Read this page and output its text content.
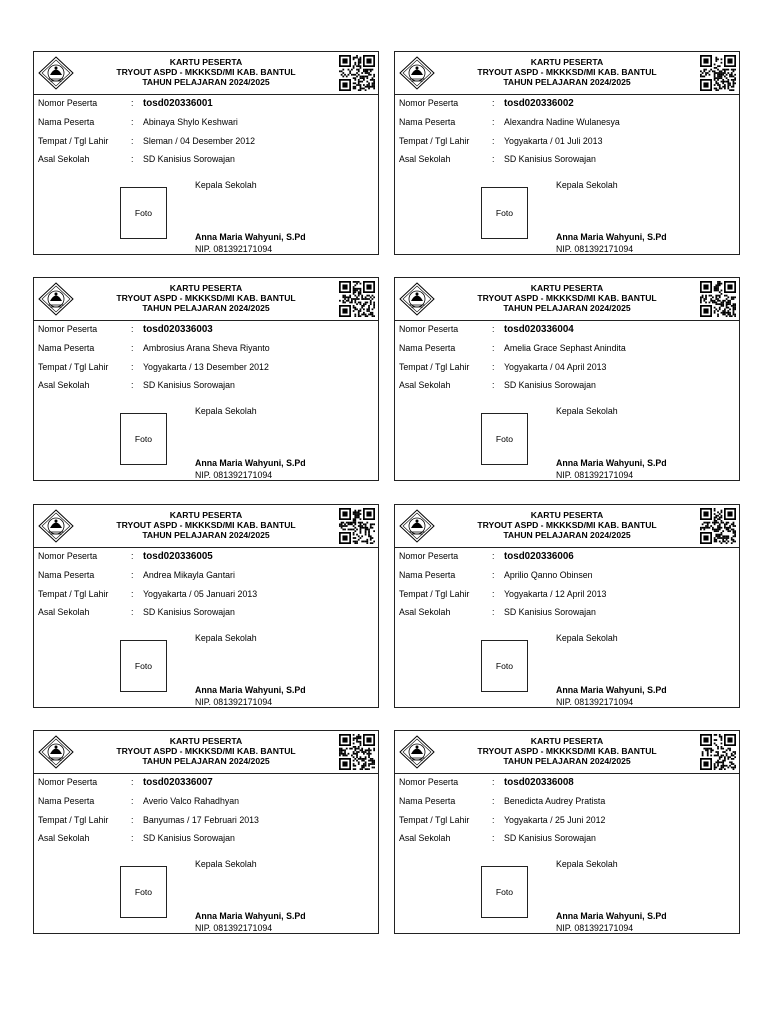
KARTU PESERTA
TRYOUT ASPD - MKKKSD/MI KAB. BANTUL
TAHUN PELAJARAN 2024/2025
Nomor Peserta	: tosd020336001
Nama Peserta	: Abinaya Shylo Keshwari
Tempat / Tgl Lahir	: Sleman / 04 Desember 2012
Asal Sekolah	: SD Kanisius Sorowajan
Foto
Kepala Sekolah
Anna Maria Wahyuni, S.Pd
NIP. 081392171094
KARTU PESERTA
TRYOUT ASPD - MKKKSD/MI KAB. BANTUL
TAHUN PELAJARAN 2024/2025
Nomor Peserta	: tosd020336002
Nama Peserta	: Alexandra Nadine Wulanesya
Tempat / Tgl Lahir	: Yogyakarta / 01 Juli 2013
Asal Sekolah	: SD Kanisius Sorowajan
Foto
Kepala Sekolah
Anna Maria Wahyuni, S.Pd
NIP. 081392171094
KARTU PESERTA
TRYOUT ASPD - MKKKSD/MI KAB. BANTUL
TAHUN PELAJARAN 2024/2025
Nomor Peserta	: tosd020336003
Nama Peserta	: Ambrosius Arana Sheva Riyanto
Tempat / Tgl Lahir	: Yogyakarta / 13 Desember 2012
Asal Sekolah	: SD Kanisius Sorowajan
Foto
Kepala Sekolah
Anna Maria Wahyuni, S.Pd
NIP. 081392171094
KARTU PESERTA
TRYOUT ASPD - MKKKSD/MI KAB. BANTUL
TAHUN PELAJARAN 2024/2025
Nomor Peserta	: tosd020336004
Nama Peserta	: Amelia Grace Sephast Anindita
Tempat / Tgl Lahir	: Yogyakarta / 04 April 2013
Asal Sekolah	: SD Kanisius Sorowajan
Foto
Kepala Sekolah
Anna Maria Wahyuni, S.Pd
NIP. 081392171094
KARTU PESERTA
TRYOUT ASPD - MKKKSD/MI KAB. BANTUL
TAHUN PELAJARAN 2024/2025
Nomor Peserta	: tosd020336005
Nama Peserta	: Andrea Mikayla Gantari
Tempat / Tgl Lahir	: Yogyakarta / 05 Januari 2013
Asal Sekolah	: SD Kanisius Sorowajan
Foto
Kepala Sekolah
Anna Maria Wahyuni, S.Pd
NIP. 081392171094
KARTU PESERTA
TRYOUT ASPD - MKKKSD/MI KAB. BANTUL
TAHUN PELAJARAN 2024/2025
Nomor Peserta	: tosd020336006
Nama Peserta	: Aprilio Qanno Obinsen
Tempat / Tgl Lahir	: Yogyakarta / 12 April 2013
Asal Sekolah	: SD Kanisius Sorowajan
Foto
Kepala Sekolah
Anna Maria Wahyuni, S.Pd
NIP. 081392171094
KARTU PESERTA
TRYOUT ASPD - MKKKSD/MI KAB. BANTUL
TAHUN PELAJARAN 2024/2025
Nomor Peserta	: tosd020336007
Nama Peserta	: Averio Valco Rahadhyan
Tempat / Tgl Lahir	: Banyumas / 17 Februari 2013
Asal Sekolah	: SD Kanisius Sorowajan
Foto
Kepala Sekolah
Anna Maria Wahyuni, S.Pd
NIP. 081392171094
KARTU PESERTA
TRYOUT ASPD - MKKKSD/MI KAB. BANTUL
TAHUN PELAJARAN 2024/2025
Nomor Peserta	: tosd020336008
Nama Peserta	: Benedicta Audrey Pratista
Tempat / Tgl Lahir	: Yogyakarta / 25 Juni 2012
Asal Sekolah	: SD Kanisius Sorowajan
Foto
Kepala Sekolah
Anna Maria Wahyuni, S.Pd
NIP. 081392171094
